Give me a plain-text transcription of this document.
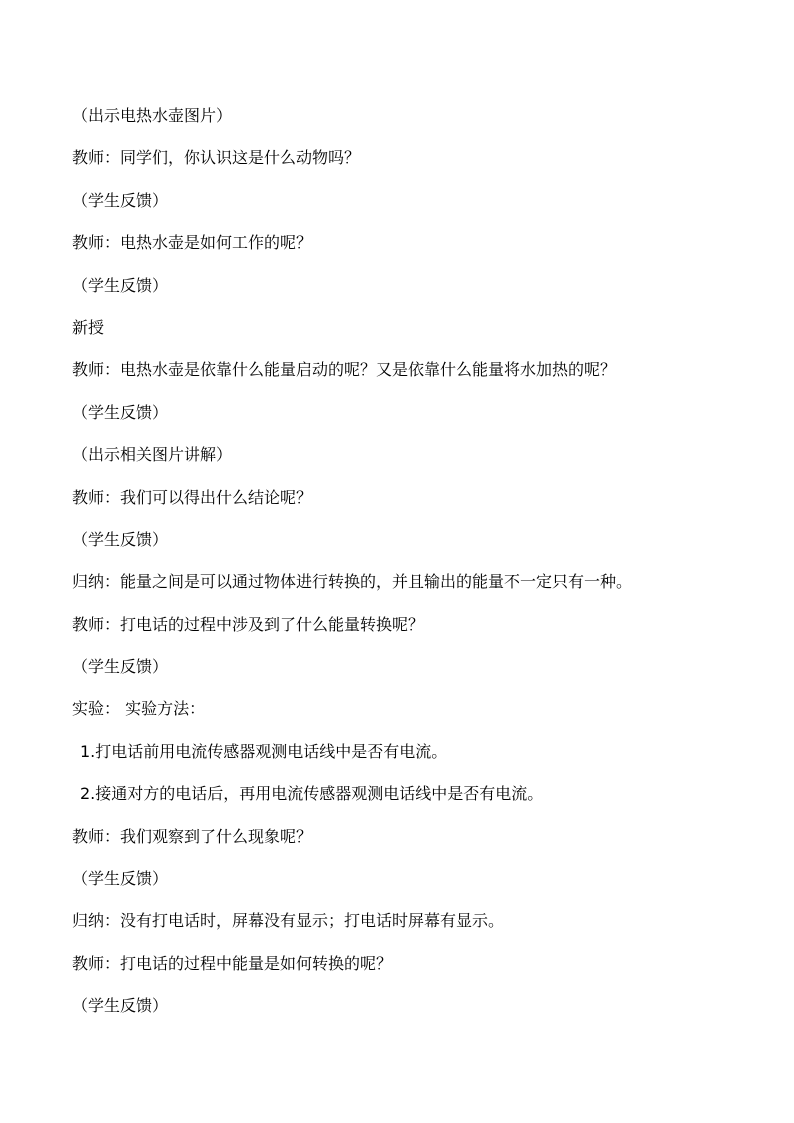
（出示电热水壶图片）

教师：同学们，你认识这是什么动物吗？

（学生反馈）

教师：电热水壶是如何工作的呢？

（学生反馈）

新授

教师：电热水壶是依靠什么能量启动的呢？又是依靠什么能量将水加热的呢？

（学生反馈）

（出示相关图片讲解）

教师：我们可以得出什么结论呢？

（学生反馈）

归纳：能量之间是可以通过物体进行转换的，并且输出的能量不一定只有一种。

教师：打电话的过程中涉及到了什么能量转换呢？

（学生反馈）

实验： 实验方法：

1.打电话前用电流传感器观测电话线中是否有电流。

2.接通对方的电话后，再用电流传感器观测电话线中是否有电流。

教师：我们观察到了什么现象呢？

（学生反馈）

归纳：没有打电话时，屏幕没有显示；打电话时屏幕有显示。

教师：打电话的过程中能量是如何转换的呢？

（学生反馈）
